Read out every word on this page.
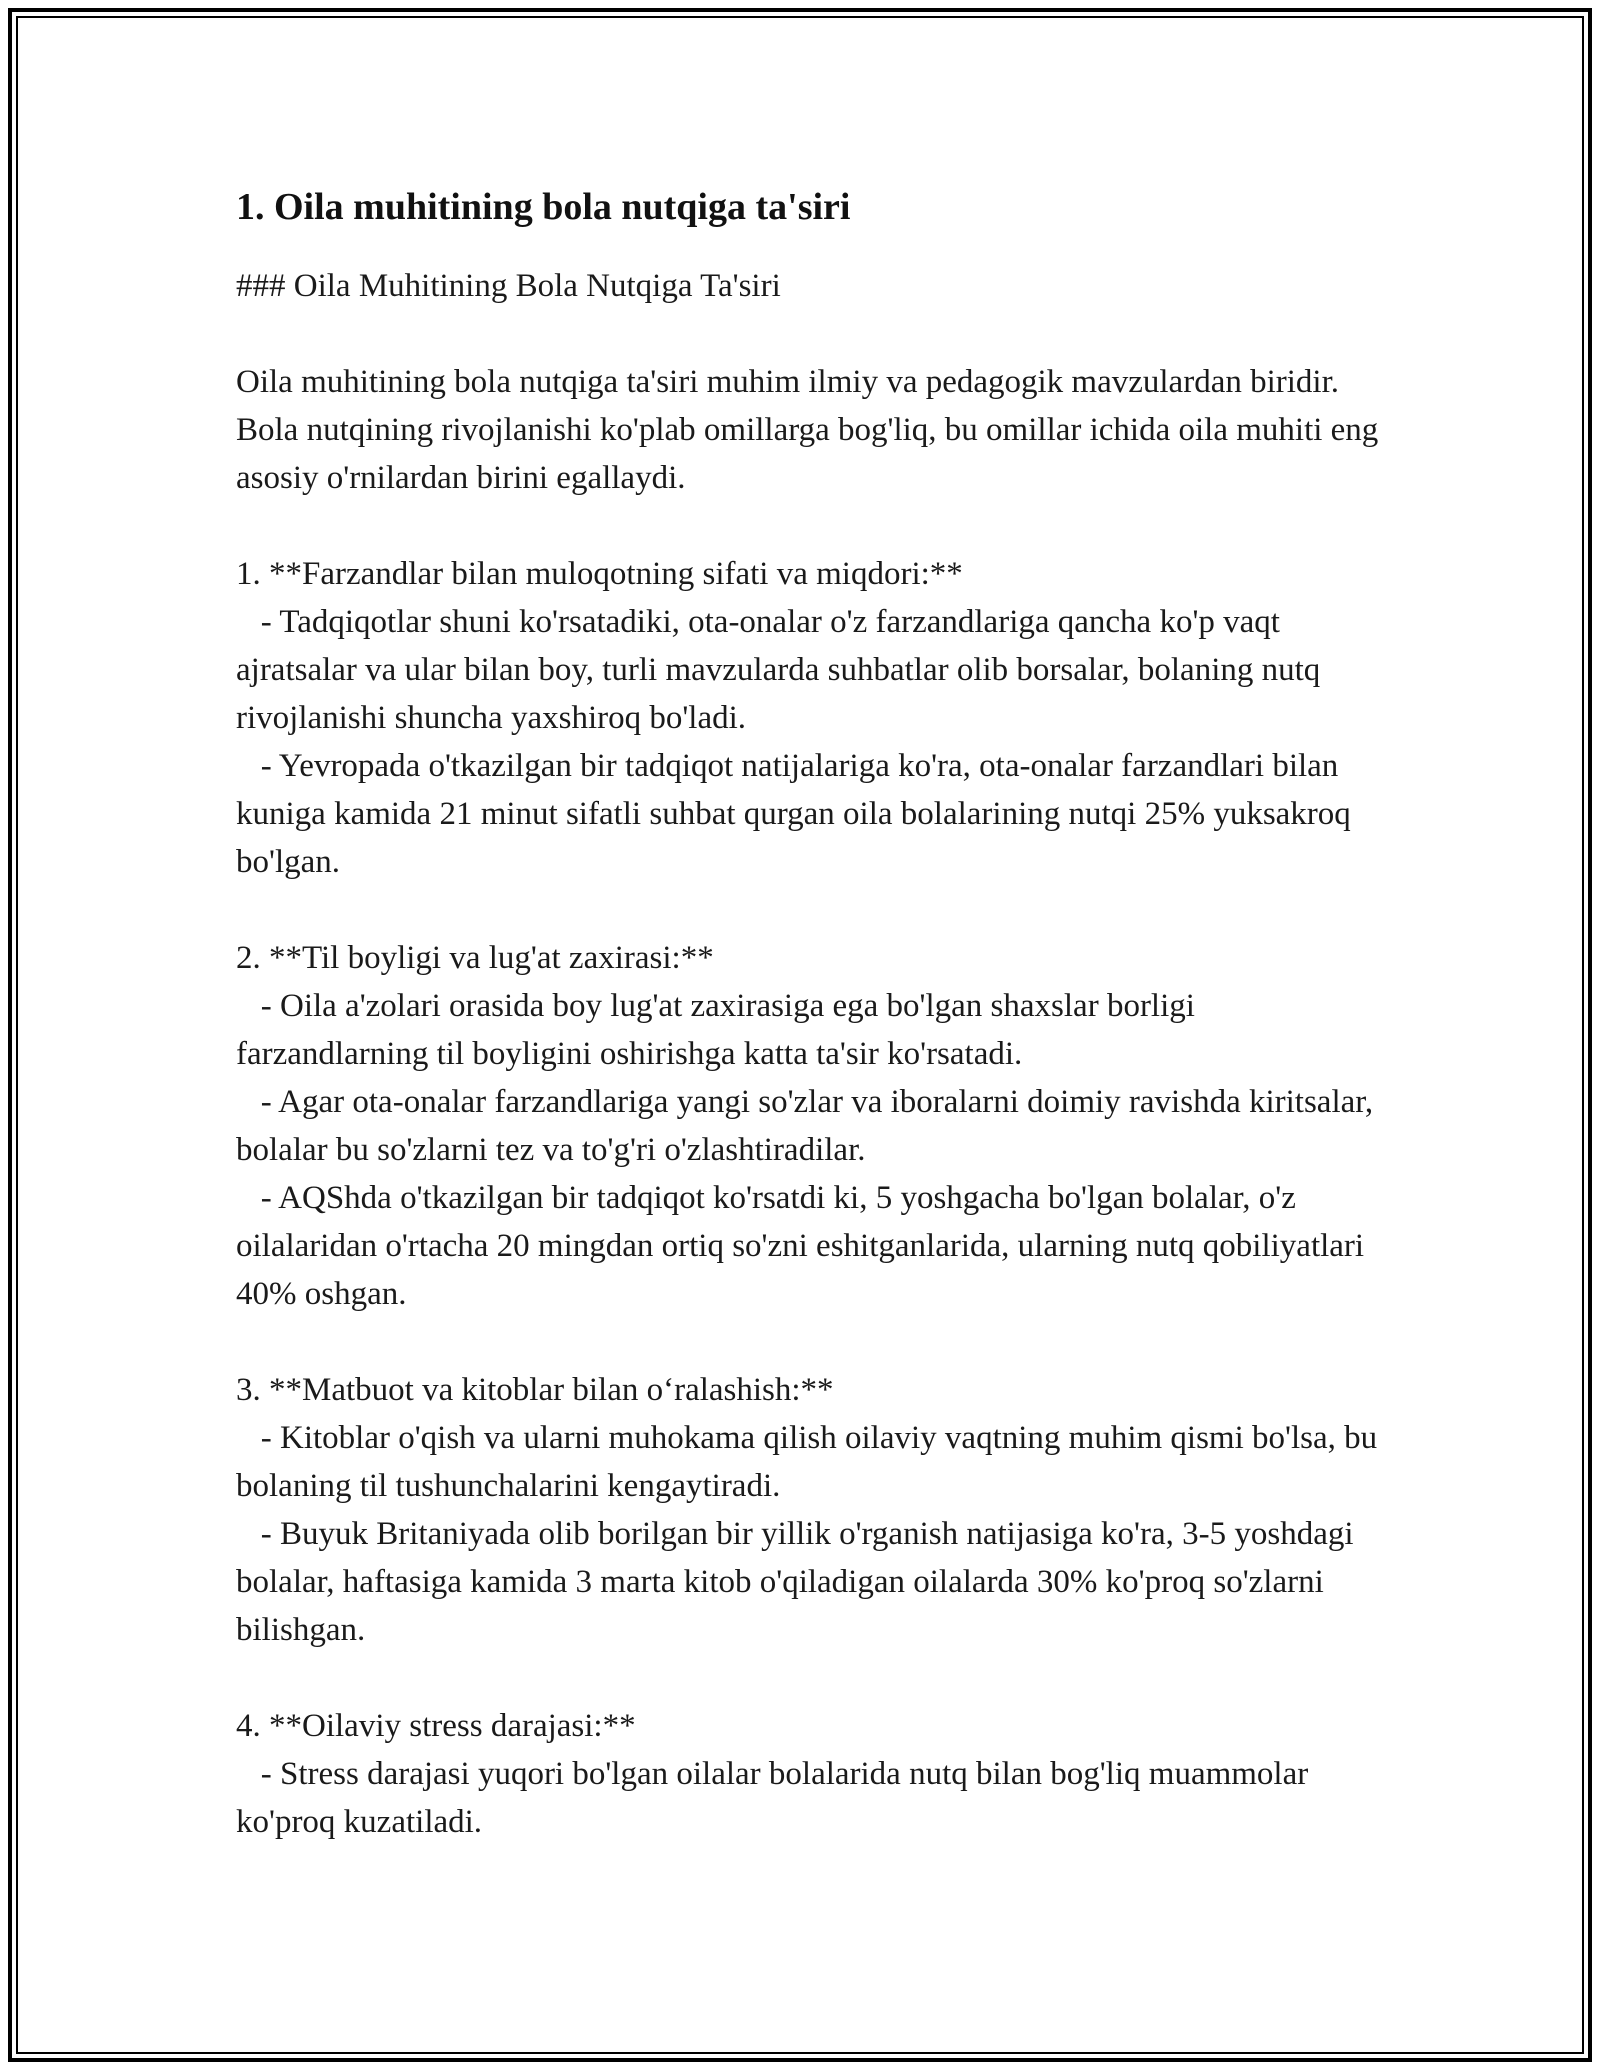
1. Oila muhitining bola nutqiga ta'siri

### Oila Muhitining Bola Nutqiga Ta'siri

Oila muhitining bola nutqiga ta'siri muhim ilmiy va pedagogik mavzulardan biridir. Bola nutqining rivojlanishi ko'plab omillarga bog'liq, bu omillar ichida oila muhiti eng asosiy o'rnilardan birini egallaydi.

1. **Farzandlar bilan muloqotning sifati va miqdori:**

- Tadqiqotlar shuni ko'rsatadiki, ota-onalar o'z farzandlariga qancha ko'p vaqt ajratsalar va ular bilan boy, turli mavzularda suhbatlar olib borsalar, bolaning nutq rivojlanishi shuncha yaxshiroq bo'ladi.

- Yevropada o'tkazilgan bir tadqiqot natijalariga ko'ra, ota-onalar farzandlari bilan kuniga kamida 21 minut sifatli suhbat qurgan oila bolalarining nutqi 25% yuksakroq bo'lgan.

2. **Til boyligi va lug'at zaxirasi:**

- Oila a'zolari orasida boy lug'at zaxirasiga ega bo'lgan shaxslar borligi farzandlarning til boyligini oshirishga katta ta'sir ko'rsatadi.

- Agar ota-onalar farzandlariga yangi so'zlar va iboralarni doimiy ravishda kiritsalar, bolalar bu so'zlarni tez va to'g'ri o'zlashtiradilar.

- AQShda o'tkazilgan bir tadqiqot ko'rsatdi ki, 5 yoshgacha bo'lgan bolalar, o'z oilalaridan o'rtacha 20 mingdan ortiq so'zni eshitganlarida, ularning nutq qobiliyatlari 40% oshgan.

3. **Matbuot va kitoblar bilan o‘ralashish:**

- Kitoblar o'qish va ularni muhokama qilish oilaviy vaqtning muhim qismi bo'lsa, bu bolaning til tushunchalarini kengaytiradi.

- Buyuk Britaniyada olib borilgan bir yillik o'rganish natijasiga ko'ra, 3-5 yoshdagi bolalar, haftasiga kamida 3 marta kitob o'qiladigan oilalarda 30% ko'proq so'zlarni bilishgan.

4. **Oilaviy stress darajasi:**

- Stress darajasi yuqori bo'lgan oilalar bolalarida nutq bilan bog'liq muammolar ko'proq kuzatiladi.
